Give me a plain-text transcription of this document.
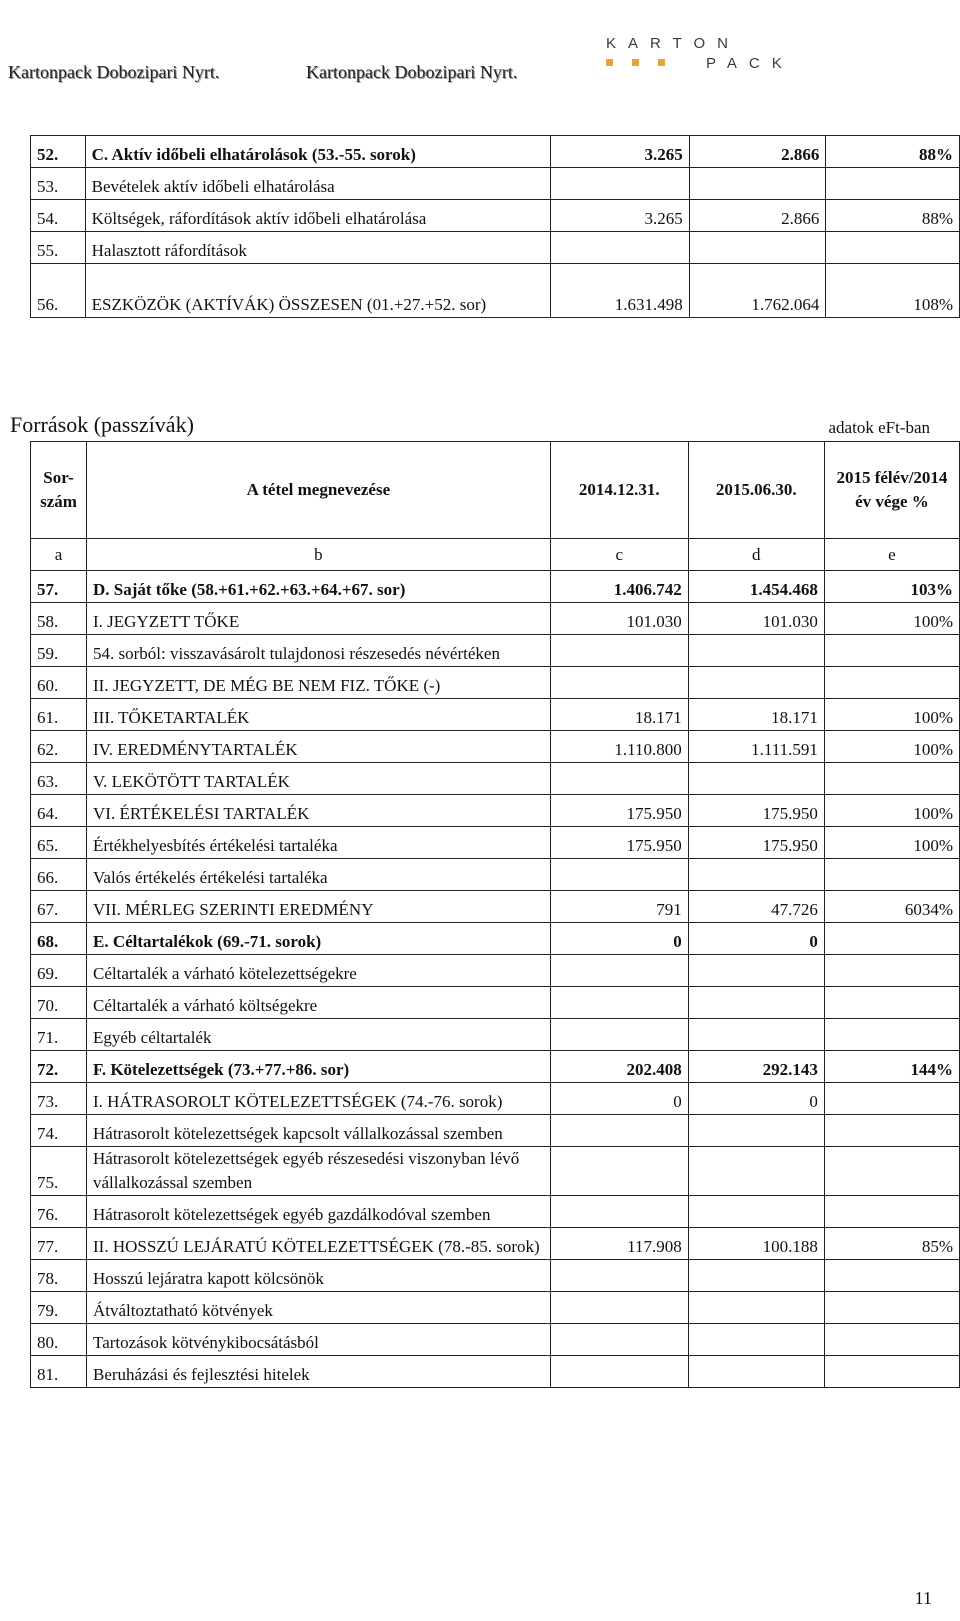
Kartonpack Dobozipari Nyrt.	Kartonpack Dobozipari Nyrt.
KARTON
PACK
52.	C. Aktív időbeli elhatárolások (53.-55. sorok)	3.265	2.866	88%
53.	Bevételek aktív időbeli elhatárolása			
54.	Költségek, ráfordítások aktív időbeli elhatárolása	3.265	2.866	88%
55.	Halasztott ráfordítások			
56.	ESZKÖZÖK (AKTÍVÁK) ÖSSZESEN (01.+27.+52. sor)	1.631.498	1.762.064	108%
Források (passzívák)	adatok eFt-ban
Sor-szám	A tétel megnevezése	2014.12.31.	2015.06.30.	2015 félév/2014 év vége %
a	b	c	d	e
57.	D. Saját tőke (58.+61.+62.+63.+64.+67. sor)	1.406.742	1.454.468	103%
58.	I. JEGYZETT TŐKE	101.030	101.030	100%
59.	54. sorból: visszavásárolt tulajdonosi részesedés névértéken			
60.	II. JEGYZETT, DE MÉG BE NEM FIZ. TŐKE (-)			
61.	III. TŐKETARTALÉK	18.171	18.171	100%
62.	IV. EREDMÉNYTARTALÉK	1.110.800	1.111.591	100%
63.	V. LEKÖTÖTT TARTALÉK			
64.	VI. ÉRTÉKELÉSI TARTALÉK	175.950	175.950	100%
65.	Értékhelyesbítés értékelési tartaléka	175.950	175.950	100%
66.	Valós értékelés értékelési tartaléka			
67.	VII. MÉRLEG SZERINTI EREDMÉNY	791	47.726	6034%
68.	E. Céltartalékok (69.-71. sorok)	0	0	
69.	Céltartalék a várható kötelezettségekre			
70.	Céltartalék a várható költségekre			
71.	Egyéb céltartalék			
72.	F. Kötelezettségek (73.+77.+86. sor)	202.408	292.143	144%
73.	I. HÁTRASOROLT KÖTELEZETTSÉGEK (74.-76. sorok)	0	0	
74.	Hátrasorolt kötelezettségek kapcsolt vállalkozással szemben			
75.	Hátrasorolt kötelezettségek egyéb részesedési viszonyban lévő vállalkozással szemben			
76.	Hátrasorolt kötelezettségek egyéb gazdálkodóval szemben			
77.	II. HOSSZÚ LEJÁRATÚ KÖTELEZETTSÉGEK (78.-85. sorok)	117.908	100.188	85%
78.	Hosszú lejáratra kapott kölcsönök			
79.	Átváltoztatható kötvények			
80.	Tartozások kötvénykibocsátásból			
81.	Beruházási és fejlesztési hitelek			
11
